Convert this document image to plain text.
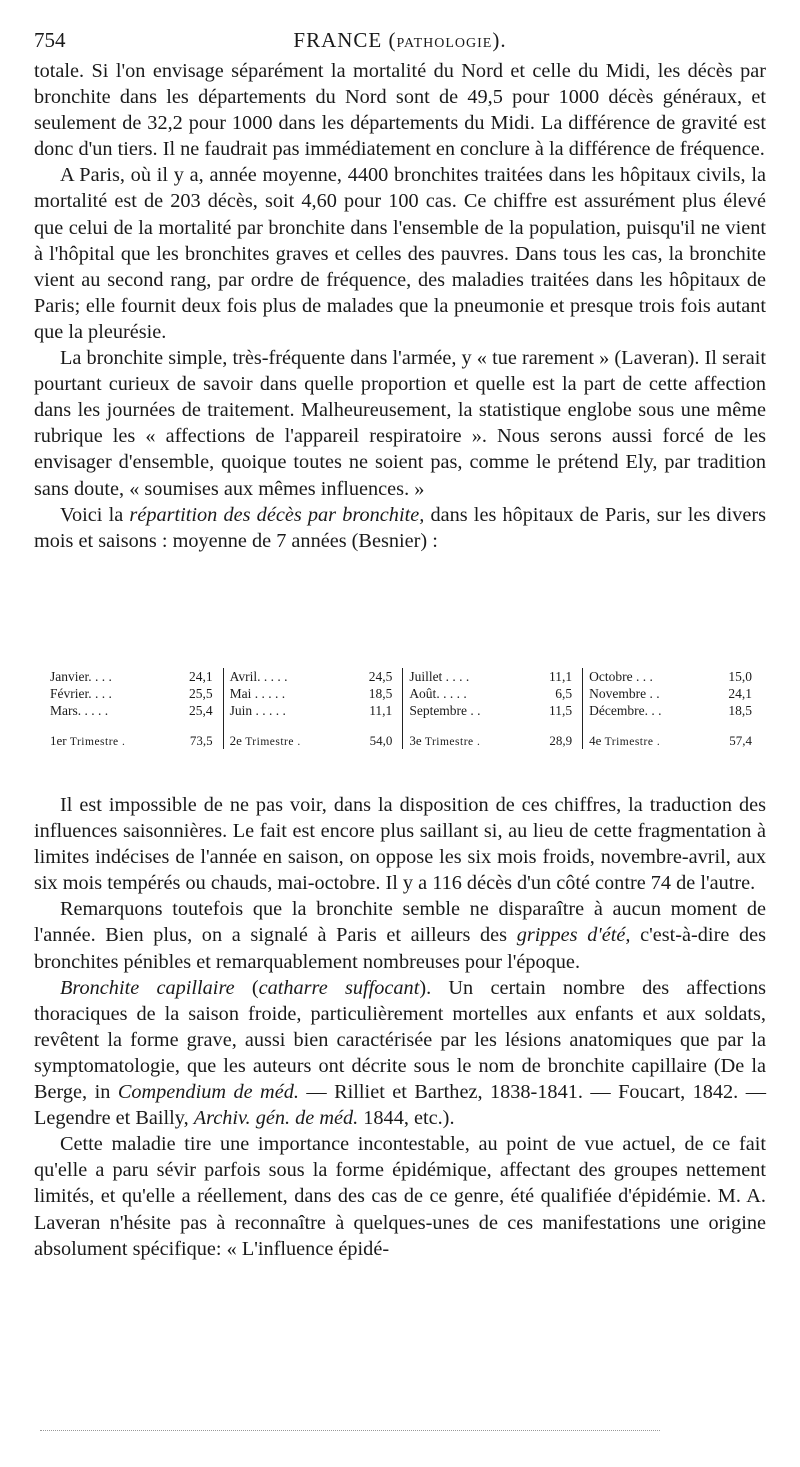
754	FRANCE (PATHOLOGIE).

totale. Si l'on envisage séparément la mortalité du Nord et celle du Midi, les décès par bronchite dans les départements du Nord sont de 49,5 pour 1000 décès généraux, et seulement de 32,2 pour 1000 dans les départements du Midi. La différence de gravité est donc d'un tiers. Il ne faudrait pas immédiatement en conclure à la différence de fréquence.

A Paris, où il y a, année moyenne, 4400 bronchites traitées dans les hôpitaux civils, la mortalité est de 203 décès, soit 4,60 pour 100 cas. Ce chiffre est assurément plus élevé que celui de la mortalité par bronchite dans l'ensemble de la population, puisqu'il ne vient à l'hôpital que les bronchites graves et celles des pauvres. Dans tous les cas, la bronchite vient au second rang, par ordre de fréquence, des maladies traitées dans les hôpitaux de Paris; elle fournit deux fois plus de malades que la pneumonie et presque trois fois autant que la pleurésie.

La bronchite simple, très-fréquente dans l'armée, y « tue rarement » (Laveran). Il serait pourtant curieux de savoir dans quelle proportion et quelle est la part de cette affection dans les journées de traitement. Malheureusement, la statistique englobe sous une même rubrique les « affections de l'appareil respiratoire ». Nous serons aussi forcé de les envisager d'ensemble, quoique toutes ne soient pas, comme le prétend Ely, par tradition sans doute, « soumises aux mêmes influences. »

Voici la répartition des décès par bronchite, dans les hôpitaux de Paris, sur les divers mois et saisons : moyenne de 7 années (Besnier) :

Janvier. . . .	24,1	Avril. . . . .	24,5	Juillet . . . .	11,1	Octobre . . .	15,0
Février. . . .	25,5	Mai . . . . .	18,5	Août. . . . .	6,5	Novembre . .	24,1
Mars. . . . .	25,4	Juin . . . . .	11,1	Septembre . .	11,5	Décembre. . .	18,5
1er Trimestre .	73,5	2e Trimestre .	54,0	3e Trimestre .	28,9	4e Trimestre .	57,4

Il est impossible de ne pas voir, dans la disposition de ces chiffres, la traduction des influences saisonnières. Le fait est encore plus saillant si, au lieu de cette fragmentation à limites indécises de l'année en saison, on oppose les six mois froids, novembre-avril, aux six mois tempérés ou chauds, mai-octobre. Il y a 116 décès d'un côté contre 74 de l'autre.

Remarquons toutefois que la bronchite semble ne disparaître à aucun moment de l'année. Bien plus, on a signalé à Paris et ailleurs des grippes d'été, c'est-à-dire des bronchites pénibles et remarquablement nombreuses pour l'époque.

Bronchite capillaire (catharre suffocant). Un certain nombre des affections thoraciques de la saison froide, particulièrement mortelles aux enfants et aux soldats, revêtent la forme grave, aussi bien caractérisée par les lésions anatomiques que par la symptomatologie, que les auteurs ont décrite sous le nom de bronchite capillaire (De la Berge, in Compendium de méd. — Rilliet et Barthez, 1838-1841. — Foucart, 1842. — Legendre et Bailly, Archiv. gén. de méd. 1844, etc.).

Cette maladie tire une importance incontestable, au point de vue actuel, de ce fait qu'elle a paru sévir parfois sous la forme épidémique, affectant des groupes nettement limités, et qu'elle a réellement, dans des cas de ce genre, été qualifiée d'épidémie. M. A. Laveran n'hésite pas à reconnaître à quelques-unes de ces manifestations une origine absolument spécifique: « L'influence épidé-
